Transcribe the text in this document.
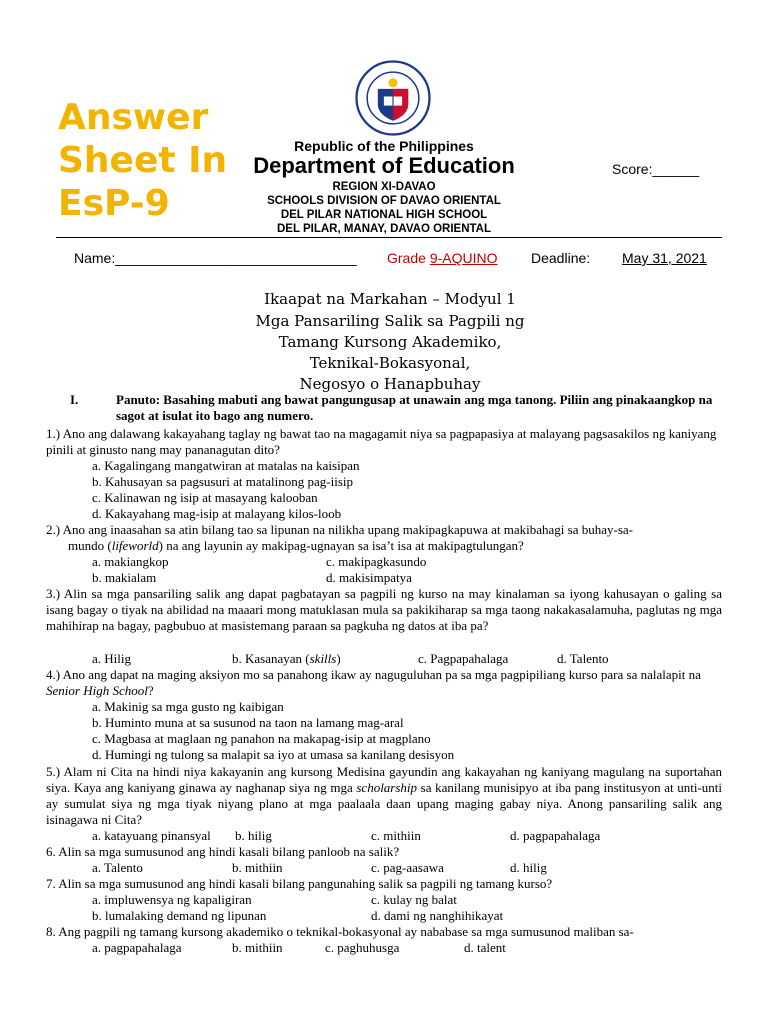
Answer Sheet In EsP-9
Republic of the Philippines
Department of Education
REGION XI-DAVAO
SCHOOLS DIVISION OF DAVAO ORIENTAL
DEL PILAR NATIONAL HIGH SCHOOL
DEL PILAR, MANAY, DAVAO ORIENTAL
Score:______
Name:_______________________________ Grade 9-AQUINO Deadline: May 31, 2021
Ikaapat na Markahan – Modyul 1
Mga Pansariling Salik sa Pagpili ng
Tamang Kursong Akademiko,
Teknikal-Bokasyonal,
Negosyo o Hanapbuhay
I.	Panuto: Basahing mabuti ang bawat pangungusap at unawain ang mga tanong. Piliin ang pinakaangkop na sagot at isulat ito bago ang numero.
1.) Ano ang dalawang kakayahang taglay ng bawat tao na magagamit niya sa pagpapasiya at malayang pagsasakilos ng kaniyang pinili at ginusto nang may pananagutan dito?
a. Kagalingang mangatwiran at matalas na kaisipan
b. Kahusayan sa pagsusuri at matalinong pag-iisip
c. Kalinawan ng isip at masayang kalooban
d. Kakayahang mag-isip at malayang kilos-loob
2.) Ano ang inaasahan sa atin bilang tao sa lipunan na nilikha upang makipagkapuwa at makibahagi sa buhay-sa-
mundo (lifeworld) na ang layunin ay makipag-ugnayan sa isa’t isa at makipagtulungan?
a. makiangkop	c. makipagkasundo
b. makialam	d. makisimpatya
3.) Alin sa mga pansariling salik ang dapat pagbatayan sa pagpili ng kurso na may kinalaman sa iyong kahusayan o galing sa isang bagay o tiyak na abilidad na maaari mong matuklasan mula sa pakikiharap sa mga taong nakakasalamuha, paglutas ng mga mahihirap na bagay, pagbubuo at masistemang paraan sa pagkuha ng datos at iba pa?
a. Hilig	b. Kasanayan (skills)	c. Pagpapahalaga	d. Talento
4.) Ano ang dapat na maging aksiyon mo sa panahong ikaw ay naguguluhan pa sa mga pagpipiliang kurso para sa nalalapit na Senior High School?
a. Makinig sa mga gusto ng kaibigan
b. Huminto muna at sa susunod na taon na lamang mag-aral
c. Magbasa at maglaan ng panahon na makapag-isip at magplano
d. Humingi ng tulong sa malapit sa iyo at umasa sa kanilang desisyon
5.) Alam ni Cita na hindi niya kakayanin ang kursong Medisina gayundin ang kakayahan ng kaniyang magulang na suportahan siya. Kaya ang kaniyang ginawa ay naghanap siya ng mga scholarship sa kanilang munisipyo at iba pang institusyon at unti-unti ay sumulat siya ng mga tiyak niyang plano at mga paalaala daan upang maging gabay niya. Anong pansariling salik ang isinagawa ni Cita?
a. katayuang pinansyal b. hilig	c. mithiin	d. pagpapahalaga
6. Alin sa mga sumusunod ang hindi kasali bilang panloob na salik?
a. Talento	b. mithiin	c. pag-aasawa	d. hilig
7. Alin sa mga sumusunod ang hindi kasali bilang pangunahing salik sa pagpili ng tamang kurso?
a. impluwensya ng kapaligiran	c. kulay ng balat
b. lumalaking demand ng lipunan	d. dami ng nanghihikayat
8. Ang pagpili ng tamang kursong akademiko o teknikal-bokasyonal ay nababase sa mga sumusunod maliban sa-
a. pagpapahalaga	b. mithiin	c. paghuhusga	d. talent
